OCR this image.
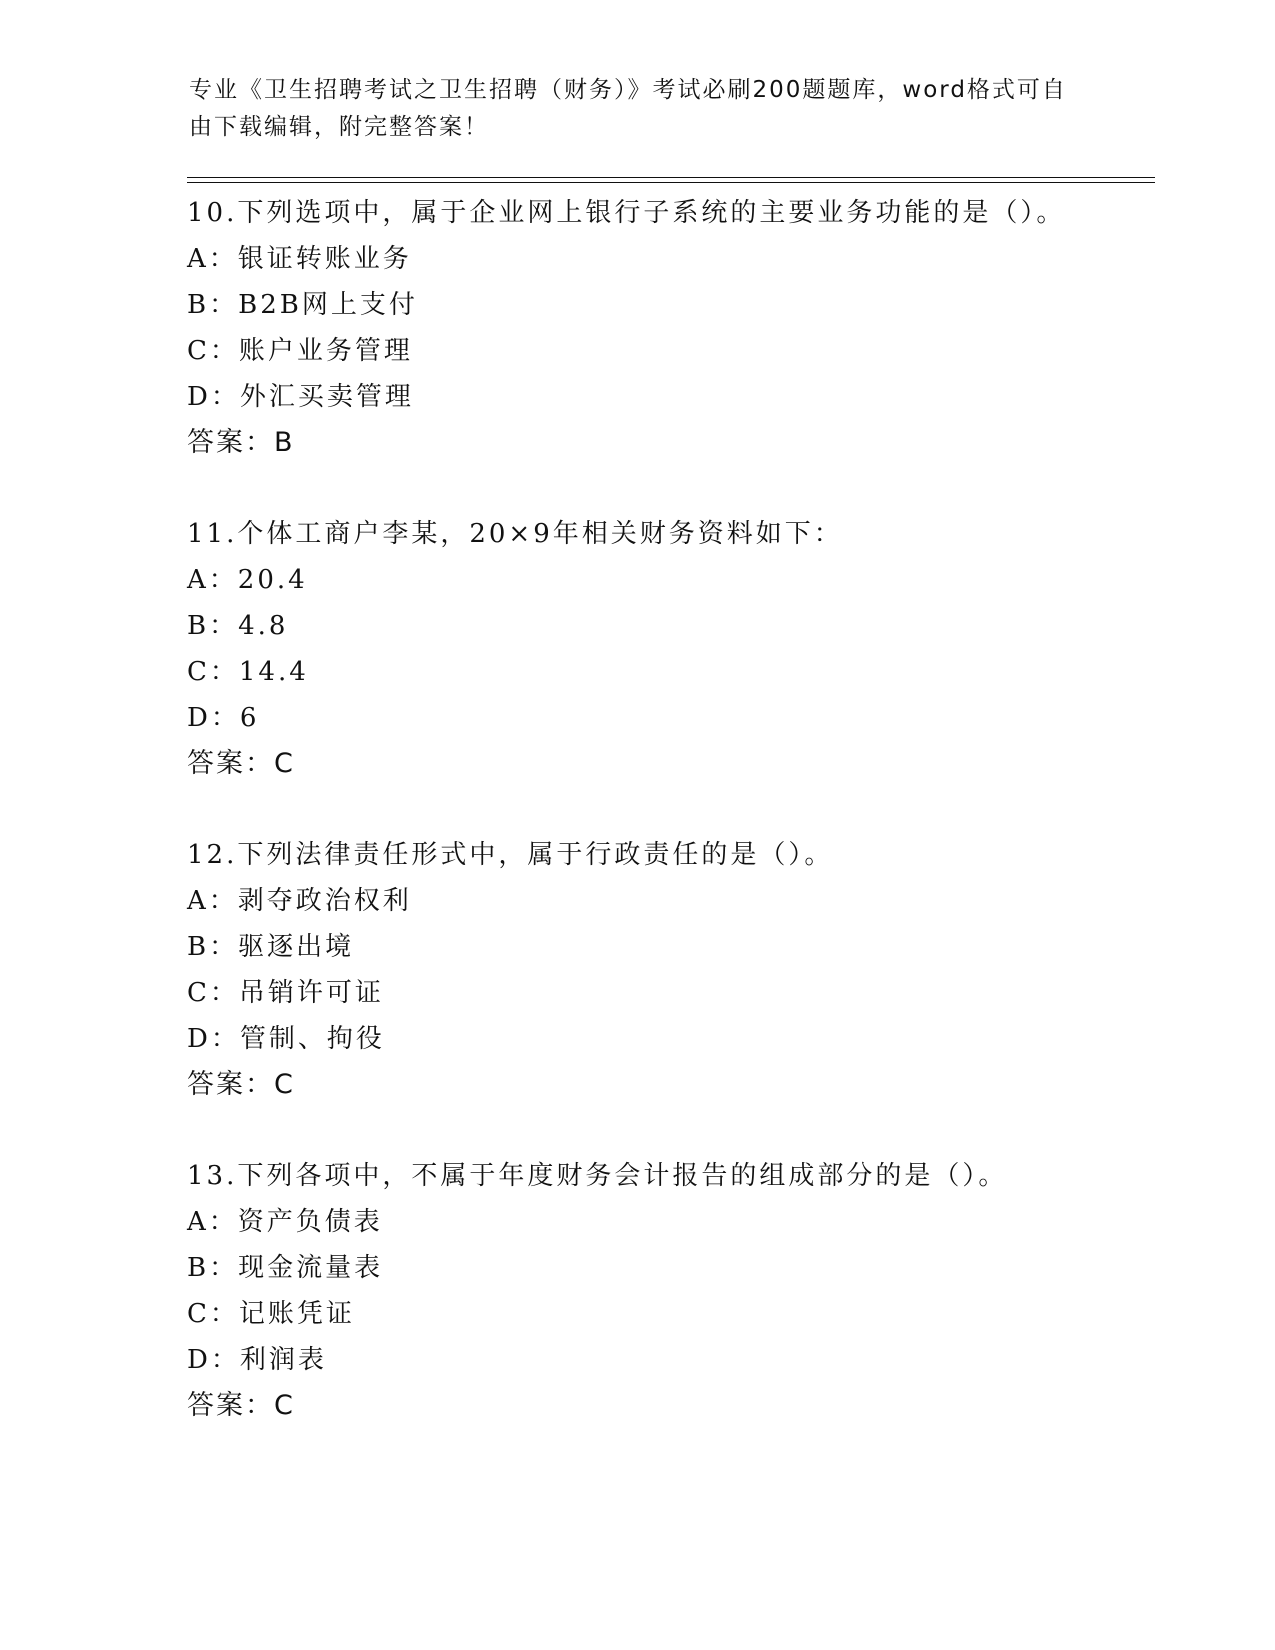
专业《卫生招聘考试之卫生招聘（财务）》考试必刷200题题库，word格式可自由下载编辑，附完整答案！
10.下列选项中，属于企业网上银行子系统的主要业务功能的是（）。
A：银证转账业务
B：B2B网上支付
C：账户业务管理
D：外汇买卖管理
答案：B
11.个体工商户李某，20×9年相关财务资料如下：
A：20.4
B：4.8
C：14.4
D：6
答案：C
12.下列法律责任形式中，属于行政责任的是（）。
A：剥夺政治权利
B：驱逐出境
C：吊销许可证
D：管制、拘役
答案：C
13.下列各项中，不属于年度财务会计报告的组成部分的是（）。
A：资产负债表
B：现金流量表
C：记账凭证
D：利润表
答案：C
